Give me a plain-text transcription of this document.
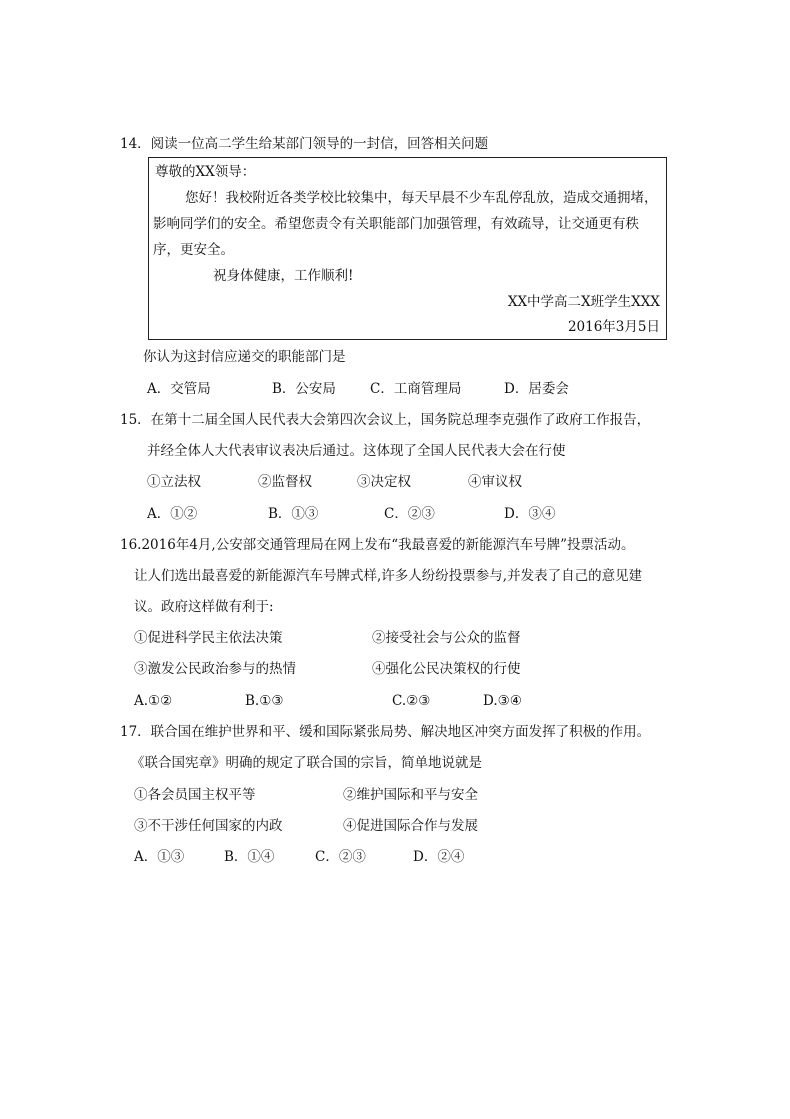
14．阅读一位高二学生给某部门领导的一封信，回答相关问题
尊敬的XX领导：
您好！我校附近各类学校比较集中，每天早晨不少车乱停乱放，造成交通拥堵，
影响同学们的安全。希望您责令有关职能部门加强管理，有效疏导，让交通更有秩
序，更安全。
祝身体健康，工作顺利!
XX中学高二X班学生XXX
2016年3月5日
你认为这封信应递交的职能部门是
A．交管局	B．公安局	C．工商管理局	D．居委会
15．在第十二届全国人民代表大会第四次会议上，国务院总理李克强作了政府工作报告，
并经全体人大代表审议表决后通过。这体现了全国人民代表大会在行使
①立法权	②监督权	③决定权	④审议权
A．①②	B．①③	C．②③	D．③④
16.2016年4月,公安部交通管理局在网上发布“我最喜爱的新能源汽车号牌”投票活动。
让人们选出最喜爱的新能源汽车号牌式样,许多人纷纷投票参与,并发表了自己的意见建
议。政府这样做有利于:
①促进科学民主依法决策	②接受社会与公众的监督
③激发公民政治参与的热情	④强化公民决策权的行使
A.①②	B.①③	C.②③	D.③④
17．联合国在维护世界和平、缓和国际紧张局势、解决地区冲突方面发挥了积极的作用。
《联合国宪章》明确的规定了联合国的宗旨，简单地说就是
①各会员国主权平等	②维护国际和平与安全
③不干涉任何国家的内政	④促进国际合作与发展
A．①③	B．①④	C．②③	D．②④
